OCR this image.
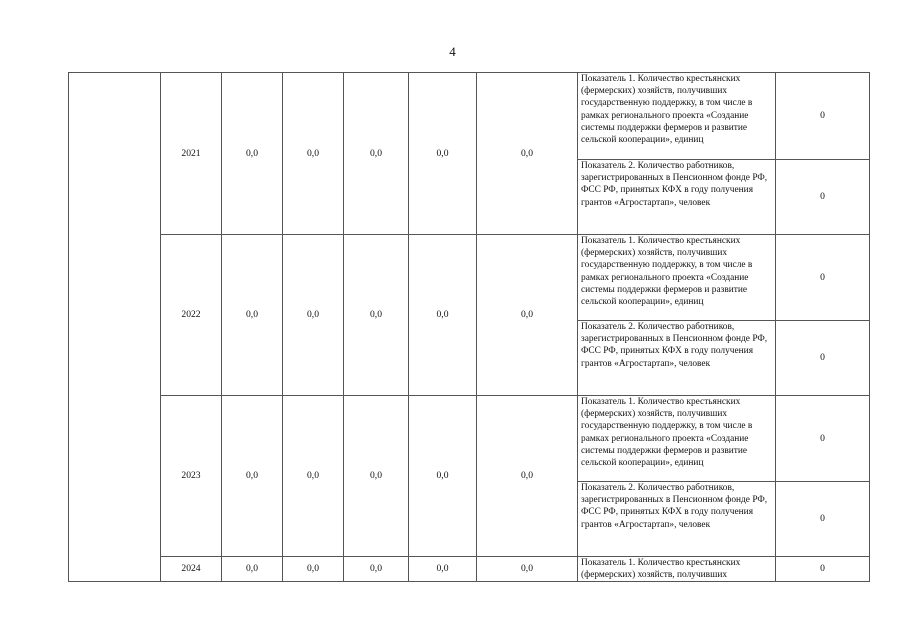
4
	2021	0,0	0,0	0,0	0,0	0,0	Показатель 1. Количество крестьянских (фермерских) хозяйств, получивших государственную поддержку, в том числе в рамках регионального проекта «Создание системы поддержки фермеров и развитие сельской кооперации», единиц	0
							Показатель 2. Количество работников, зарегистрированных в Пенсионном фонде РФ, ФСС РФ, принятых КФХ в году получения грантов «Агростартап», человек	0
	2022	0,0	0,0	0,0	0,0	0,0	Показатель 1. Количество крестьянских (фермерских) хозяйств, получивших государственную поддержку, в том числе в рамках регионального проекта «Создание системы поддержки фермеров и развитие сельской кооперации», единиц	0
							Показатель 2. Количество работников, зарегистрированных в Пенсионном фонде РФ, ФСС РФ, принятых КФХ в году получения грантов «Агростартап», человек	0
	2023	0,0	0,0	0,0	0,0	0,0	Показатель 1. Количество крестьянских (фермерских) хозяйств, получивших государственную поддержку, в том числе в рамках регионального проекта «Создание системы поддержки фермеров и развитие сельской кооперации», единиц	0
							Показатель 2. Количество работников, зарегистрированных в Пенсионном фонде РФ, ФСС РФ, принятых КФХ в году получения грантов «Агростартап», человек	0
	2024	0,0	0,0	0,0	0,0	0,0	Показатель 1. Количество крестьянских (фермерских) хозяйств, получивших	0
